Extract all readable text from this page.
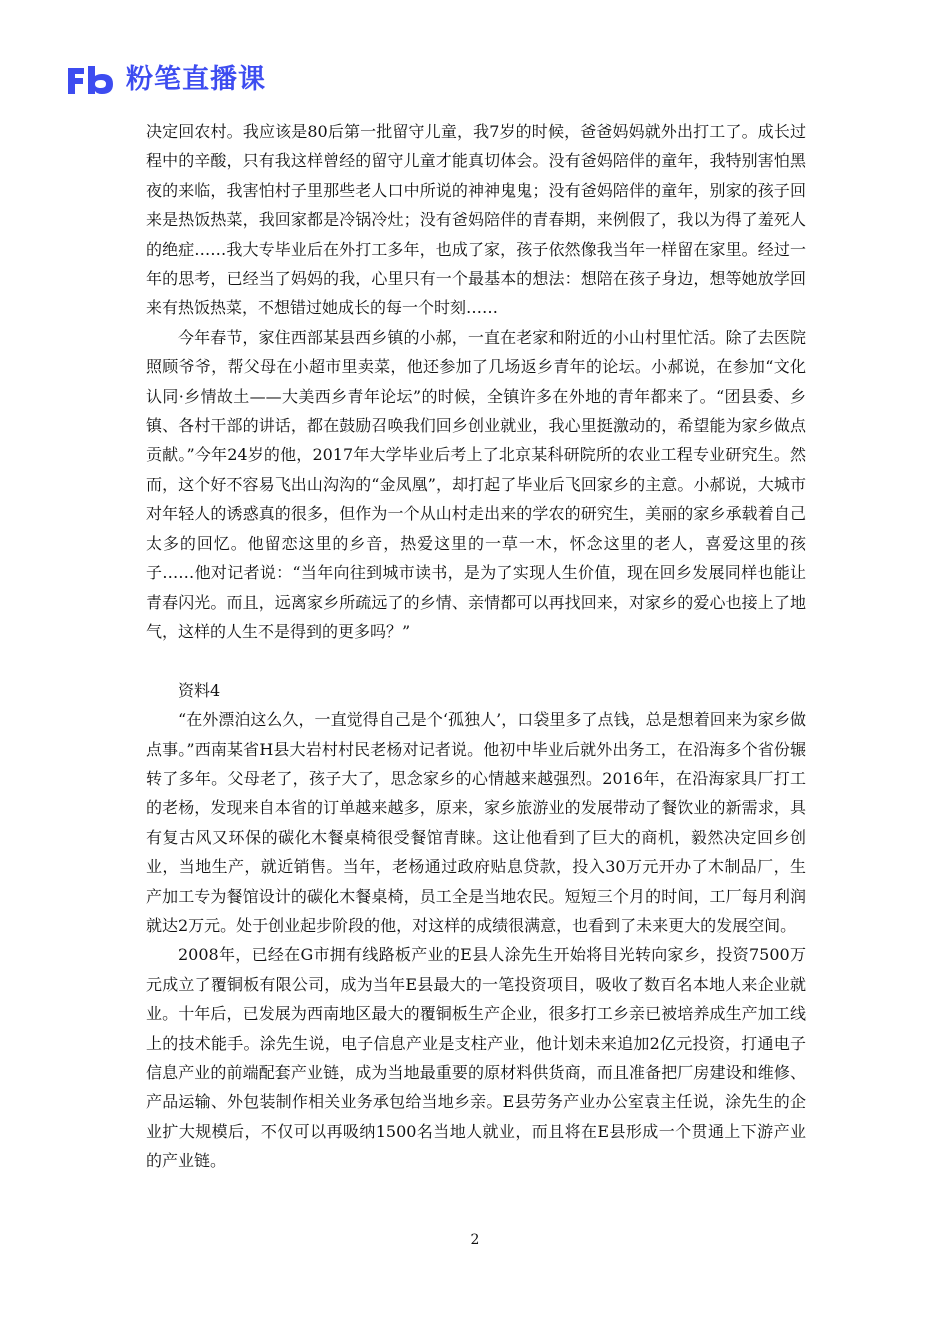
粉笔直播课

决定回农村。我应该是80后第一批留守儿童，我7岁的时候，爸爸妈妈就外出打工了。成长过程中的辛酸，只有我这样曾经的留守儿童才能真切体会。没有爸妈陪伴的童年，我特别害怕黑夜的来临，我害怕村子里那些老人口中所说的神神鬼鬼；没有爸妈陪伴的童年，别家的孩子回来是热饭热菜，我回家都是冷锅冷灶；没有爸妈陪伴的青春期，来例假了，我以为得了羞死人的绝症……我大专毕业后在外打工多年，也成了家，孩子依然像我当年一样留在家里。经过一年的思考，已经当了妈妈的我，心里只有一个最基本的想法：想陪在孩子身边，想等她放学回来有热饭热菜，不想错过她成长的每一个时刻……

今年春节，家住西部某县西乡镇的小郝，一直在老家和附近的小山村里忙活。除了去医院照顾爷爷，帮父母在小超市里卖菜，他还参加了几场返乡青年的论坛。小郝说，在参加“文化认同·乡情故土——大美西乡青年论坛”的时候，全镇许多在外地的青年都来了。“团县委、乡镇、各村干部的讲话，都在鼓励召唤我们回乡创业就业，我心里挺激动的，希望能为家乡做点贡献。”今年24岁的他，2017年大学毕业后考上了北京某科研院所的农业工程专业研究生。然而，这个好不容易飞出山沟沟的“金凤凰”，却打起了毕业后飞回家乡的主意。小郝说，大城市对年轻人的诱惑真的很多，但作为一个从山村走出来的学农的研究生，美丽的家乡承载着自己太多的回忆。他留恋这里的乡音，热爱这里的一草一木，怀念这里的老人，喜爱这里的孩子……他对记者说：“当年向往到城市读书，是为了实现人生价值，现在回乡发展同样也能让青春闪光。而且，远离家乡所疏远了的乡情、亲情都可以再找回来，对家乡的爱心也接上了地气，这样的人生不是得到的更多吗？”

资料4

“在外漂泊这么久，一直觉得自己是个‘孤独人’，口袋里多了点钱，总是想着回来为家乡做点事。”西南某省H县大岩村村民老杨对记者说。他初中毕业后就外出务工，在沿海多个省份辗转了多年。父母老了，孩子大了，思念家乡的心情越来越强烈。2016年，在沿海家具厂打工的老杨，发现来自本省的订单越来越多，原来，家乡旅游业的发展带动了餐饮业的新需求，具有复古风又环保的碳化木餐桌椅很受餐馆青睐。这让他看到了巨大的商机，毅然决定回乡创业，当地生产，就近销售。当年，老杨通过政府贴息贷款，投入30万元开办了木制品厂，生产加工专为餐馆设计的碳化木餐桌椅，员工全是当地农民。短短三个月的时间，工厂每月利润就达2万元。处于创业起步阶段的他，对这样的成绩很满意，也看到了未来更大的发展空间。

2008年，已经在G市拥有线路板产业的E县人涂先生开始将目光转向家乡，投资7500万元成立了覆铜板有限公司，成为当年E县最大的一笔投资项目，吸收了数百名本地人来企业就业。十年后，已发展为西南地区最大的覆铜板生产企业，很多打工乡亲已被培养成生产加工线上的技术能手。涂先生说，电子信息产业是支柱产业，他计划未来追加2亿元投资，打通电子信息产业的前端配套产业链，成为当地最重要的原材料供货商，而且准备把厂房建设和维修、产品运输、外包装制作相关业务承包给当地乡亲。E县劳务产业办公室袁主任说，涂先生的企业扩大规模后，不仅可以再吸纳1500名当地人就业，而且将在E县形成一个贯通上下游产业的产业链。

2
